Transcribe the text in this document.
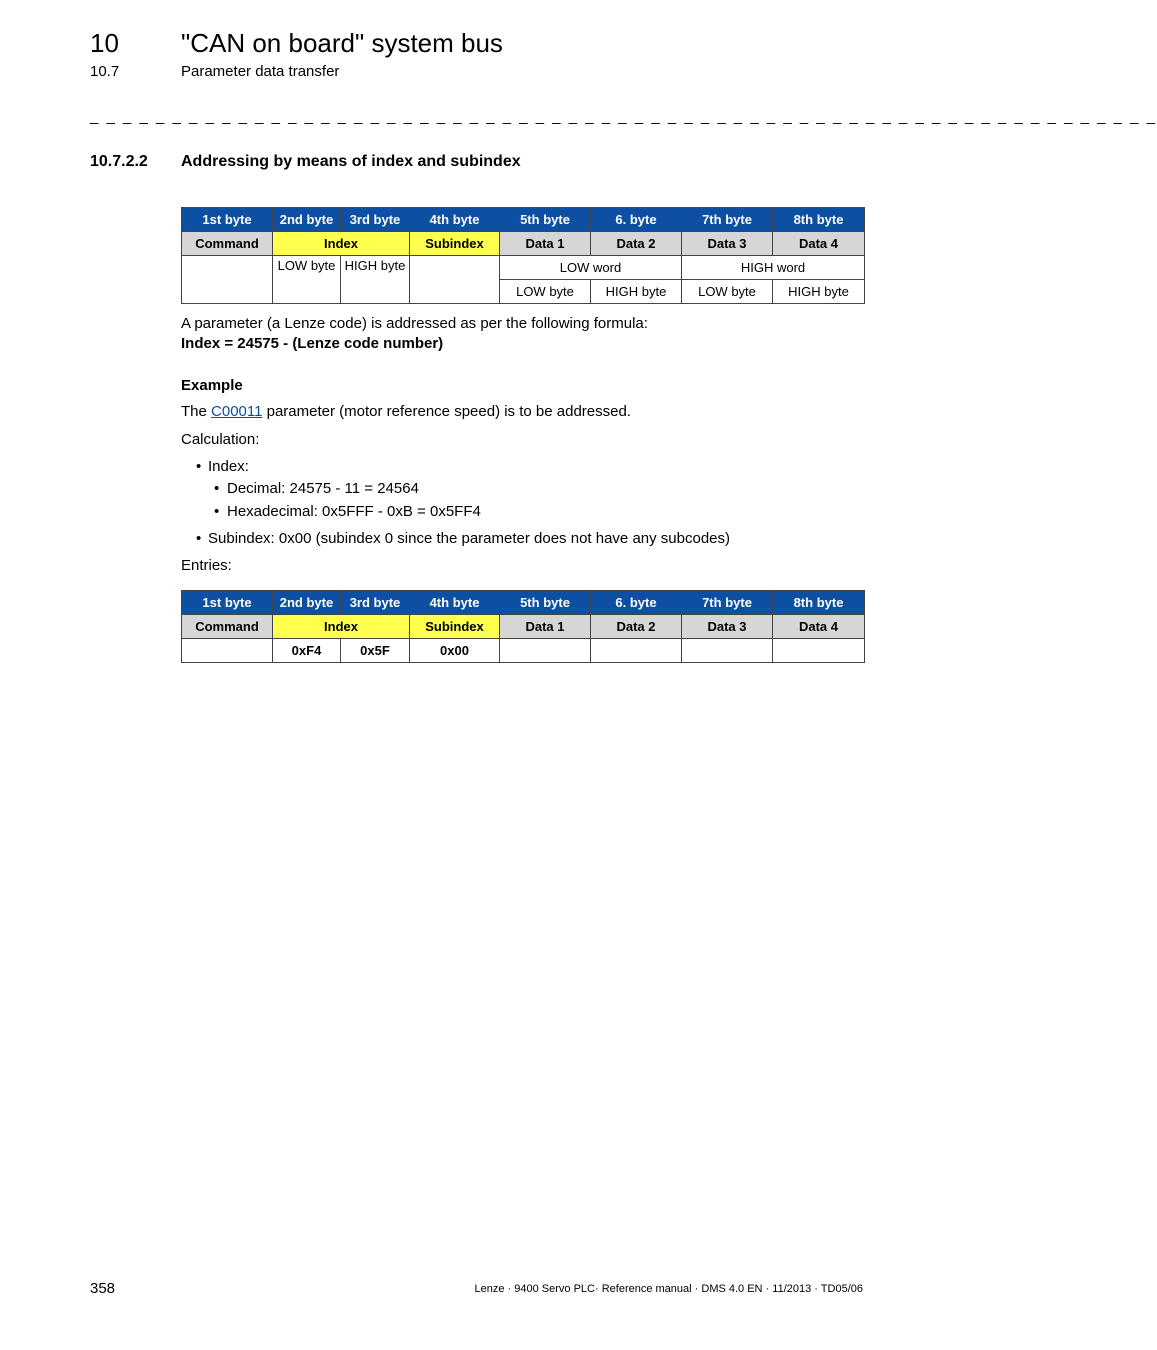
10 "CAN on board" system bus
10.7	Parameter data transfer
_ _ _ _ _ _ _ _ _ _ _ _ _ _ _ _ _ _ _ _ _ _ _ _ _ _ _ _ _ _ _ _ _ _ _ _ _ _ _ _ _ _ _ _ _ _ _ _ _ _ _ _ _ _ _ _ _ _ _ _ _ _ _ _ _
10.7.2.2 Addressing by means of index and subindex
1st byte	2nd byte	3rd byte	4th byte	5th byte	6. byte	7th byte	8th byte
Command	Index		Subindex	Data 1	Data 2	Data 3	Data 4
	LOW byte	HIGH byte		LOW word		HIGH word	
				LOW byte	HIGH byte	LOW byte	HIGH byte
A parameter (a Lenze code) is addressed as per the following formula:
Index = 24575 - (Lenze code number)
Example
The C00011 parameter (motor reference speed) is to be addressed.
Calculation:
• Index:
• Decimal: 24575 - 11 = 24564
• Hexadecimal: 0x5FFF - 0xB = 0x5FF4
• Subindex: 0x00 (subindex 0 since the parameter does not have any subcodes)
Entries:
1st byte	2nd byte	3rd byte	4th byte	5th byte	6. byte	7th byte	8th byte
Command	Index		Subindex	Data 1	Data 2	Data 3	Data 4
	0xF4	0x5F	0x00				
358	Lenze · 9400 Servo PLC· Reference manual · DMS 4.0 EN · 11/2013 · TD05/06
